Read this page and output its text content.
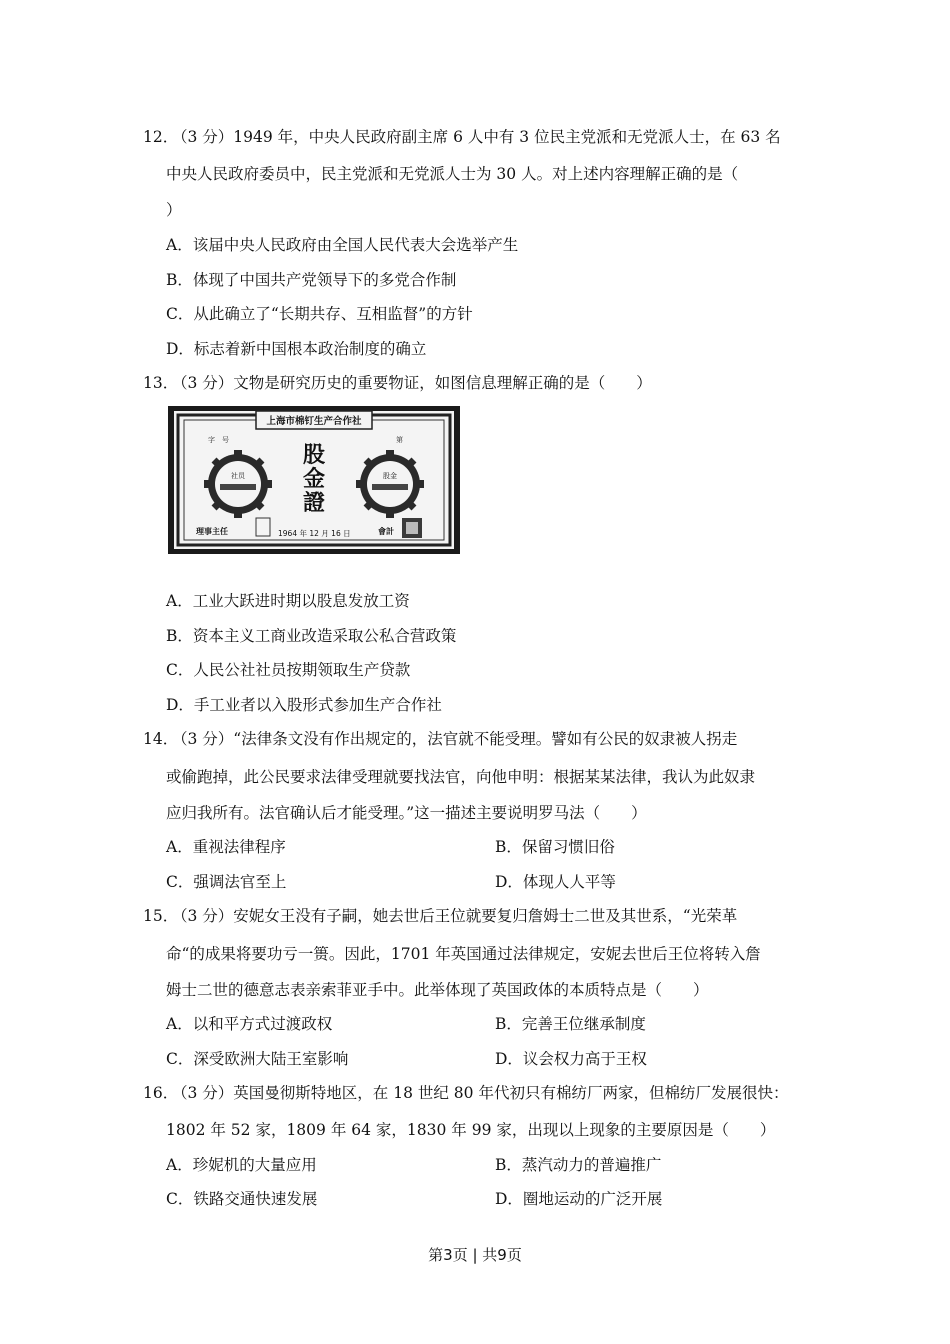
12．
（3 分）1949 年，中央人民政府副主席 6 人中有 3 位民主党派和无党派人士，在 63 名
中央人民政府委员中，民主党派和无党派人士为 30 人。对上述内容理解正确的是（
）
A．该届中央人民政府由全国人民代表大会选举产生
B．体现了中国共产党领导下的多党合作制
C．从此确立了“长期共存、互相监督”的方针
D．标志着新中国根本政治制度的确立
13．
（3 分）文物是研究历史的重要物证，如图信息理解正确的是（　　）
上海市棉钉生产合作社
字　号	第
社员	股金
股
金
證
理事主任	1964 年 12 月 16 日	會計
A．工业大跃进时期以股息发放工资
B．资本主义工商业改造采取公私合营政策
C．人民公社社员按期领取生产贷款
D．手工业者以入股形式参加生产合作社
14．
（3 分）“法律条文没有作出规定的，法官就不能受理。譬如有公民的奴隶被人拐走
或偷跑掉，此公民要求法律受理就要找法官，向他申明：根据某某法律，我认为此奴隶
应归我所有。法官确认后才能受理。”这一描述主要说明罗马法（　　）
A．重视法律程序	B．保留习惯旧俗
C．强调法官至上	D．体现人人平等
15．
（3 分）安妮女王没有子嗣，她去世后王位就要复归詹姆士二世及其世系，“光荣革
命“的成果将要功亏一篑。因此，1701 年英国通过法律规定，安妮去世后王位将转入詹
姆士二世的德意志表亲索菲亚手中。此举体现了英国政体的本质特点是（　　）
A．以和平方式过渡政权	B．完善王位继承制度
C．深受欧洲大陆王室影响	D．议会权力高于王权
16．
（3 分）英国曼彻斯特地区，在 18 世纪 80 年代初只有棉纺厂两家，但棉纺厂发展很快：
1802 年 52 家，1809 年 64 家，1830 年 99 家，出现以上现象的主要原因是（　　）
A．珍妮机的大量应用	B．蒸汽动力的普遍推广
C．铁路交通快速发展	D．圈地运动的广泛开展
第3页 | 共9页
